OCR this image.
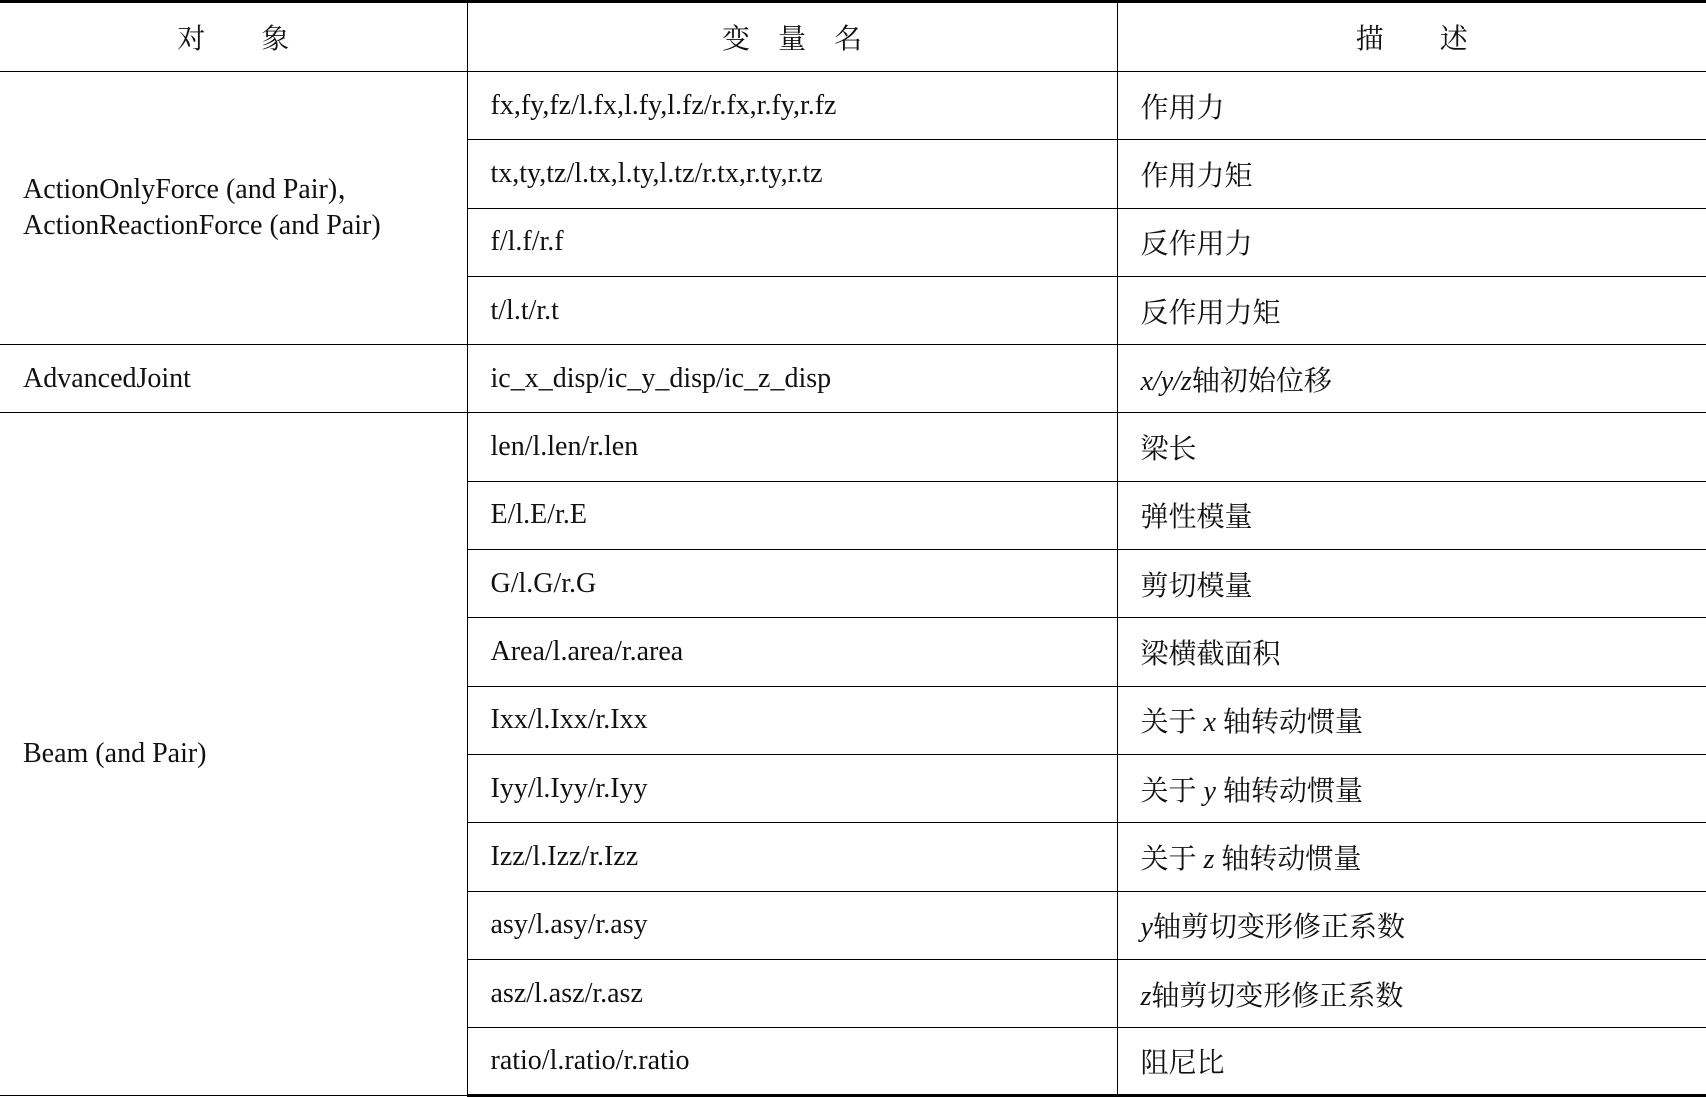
对　　象	变　量　名	描　　述

ActionOnlyForce (and Pair)，
ActionReactionForce (and Pair)	fx,fy,fz/l.fx,l.fy,l.fz/r.fx,r.fy,r.fz	作用力
	tx,ty,tz/l.tx,l.ty,l.tz/r.tx,r.ty,r.tz	作用力矩
	f/l.f/r.f	反作用力
	t/l.t/r.t	反作用力矩

AdvancedJoint	ic_x_disp/ic_y_disp/ic_z_disp	x/y/z轴初始位移

Beam (and Pair)	len/l.len/r.len	梁长
	E/l.E/r.E	弹性模量
	G/l.G/r.G	剪切模量
	Area/l.area/r.area	梁横截面积
	Ixx/l.Ixx/r.Ixx	关于 x 轴转动惯量
	Iyy/l.Iyy/r.Iyy	关于 y 轴转动惯量
	Izz/l.Izz/r.Izz	关于 z 轴转动惯量
	asy/l.asy/r.asy	y轴剪切变形修正系数
	asz/l.asz/r.asz	z轴剪切变形修正系数
	ratio/l.ratio/r.ratio	阻尼比
